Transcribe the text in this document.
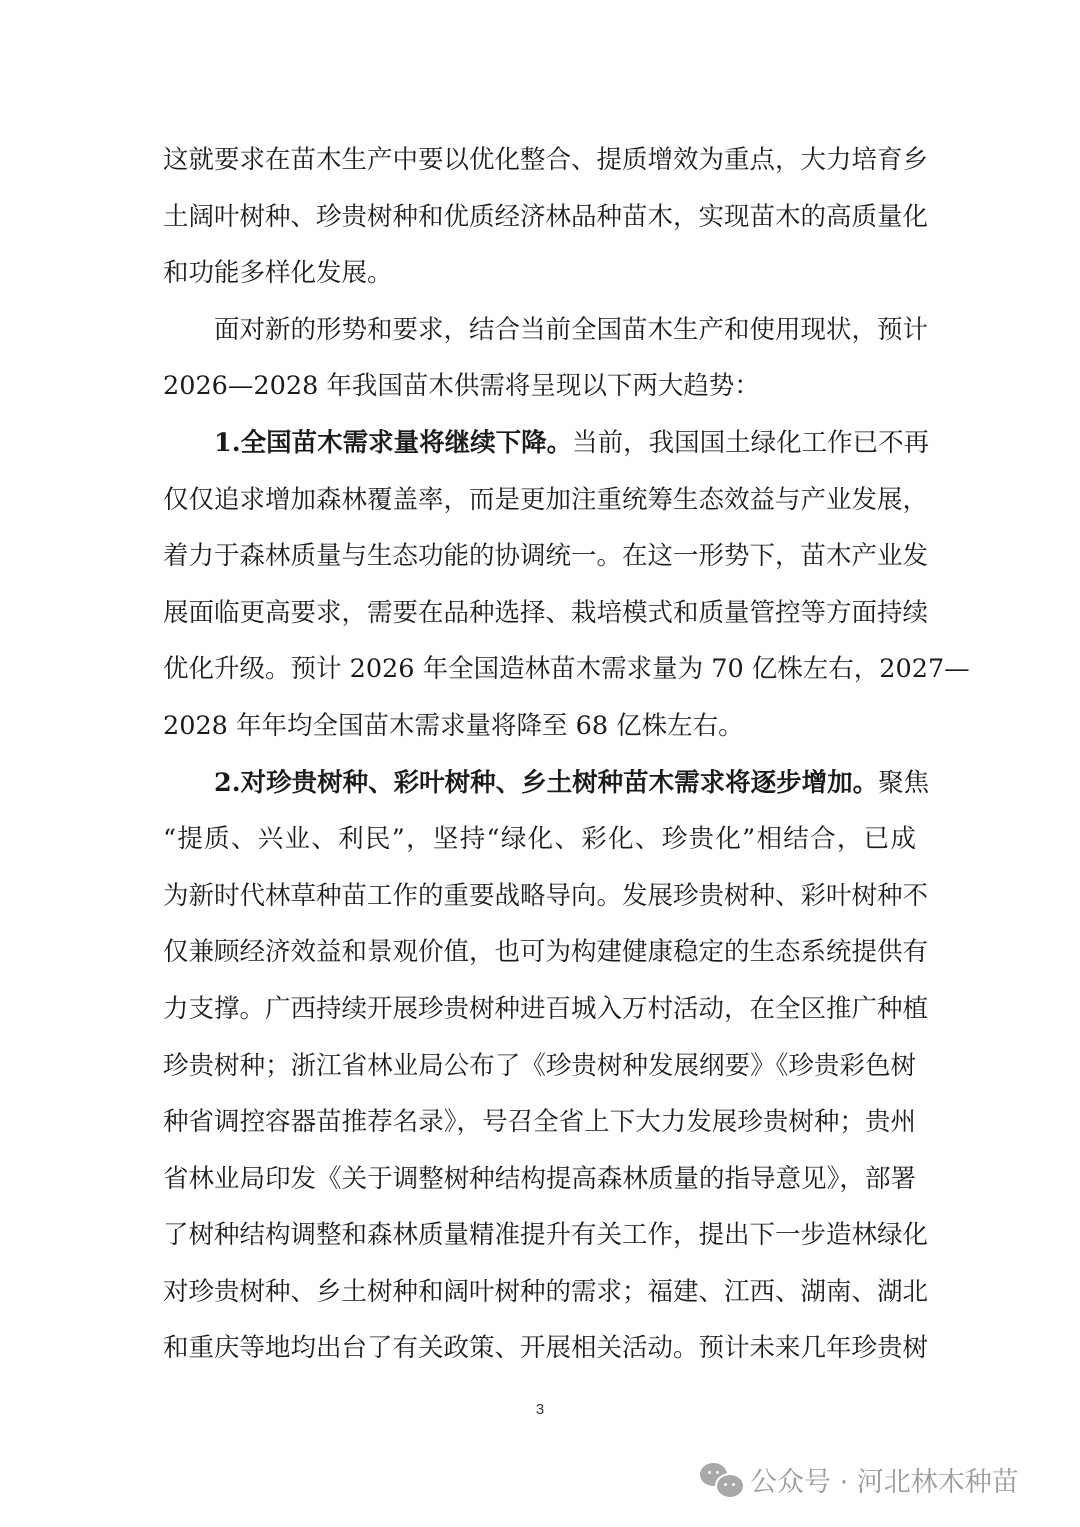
这就要求在苗木生产中要以优化整合、提质增效为重点，大力培育乡
土阔叶树种、珍贵树种和优质经济林品种苗木，实现苗木的高质量化
和功能多样化发展。
面对新的形势和要求，结合当前全国苗木生产和使用现状，预计
2026—2028 年我国苗木供需将呈现以下两大趋势：
1.全国苗木需求量将继续下降。当前，我国国土绿化工作已不再
仅仅追求增加森林覆盖率，而是更加注重统筹生态效益与产业发展，
着力于森林质量与生态功能的协调统一。在这一形势下，苗木产业发
展面临更高要求，需要在品种选择、栽培模式和质量管控等方面持续
优化升级。预计 2026 年全国造林苗木需求量为 70 亿株左右，2027—
2028 年年均全国苗木需求量将降至 68 亿株左右。
2.对珍贵树种、彩叶树种、乡土树种苗木需求将逐步增加。聚焦
“提质、兴业、利民”，坚持“绿化、彩化、珍贵化”相结合，已成
为新时代林草种苗工作的重要战略导向。发展珍贵树种、彩叶树种不
仅兼顾经济效益和景观价值，也可为构建健康稳定的生态系统提供有
力支撑。广西持续开展珍贵树种进百城入万村活动，在全区推广种植
珍贵树种；浙江省林业局公布了《珍贵树种发展纲要》《珍贵彩色树
种省调控容器苗推荐名录》，号召全省上下大力发展珍贵树种；贵州
省林业局印发《关于调整树种结构提高森林质量的指导意见》，部署
了树种结构调整和森林质量精准提升有关工作，提出下一步造林绿化
对珍贵树种、乡土树种和阔叶树种的需求；福建、江西、湖南、湖北
和重庆等地均出台了有关政策、开展相关活动。预计未来几年珍贵树
3
公众号 · 河北林木种苗
